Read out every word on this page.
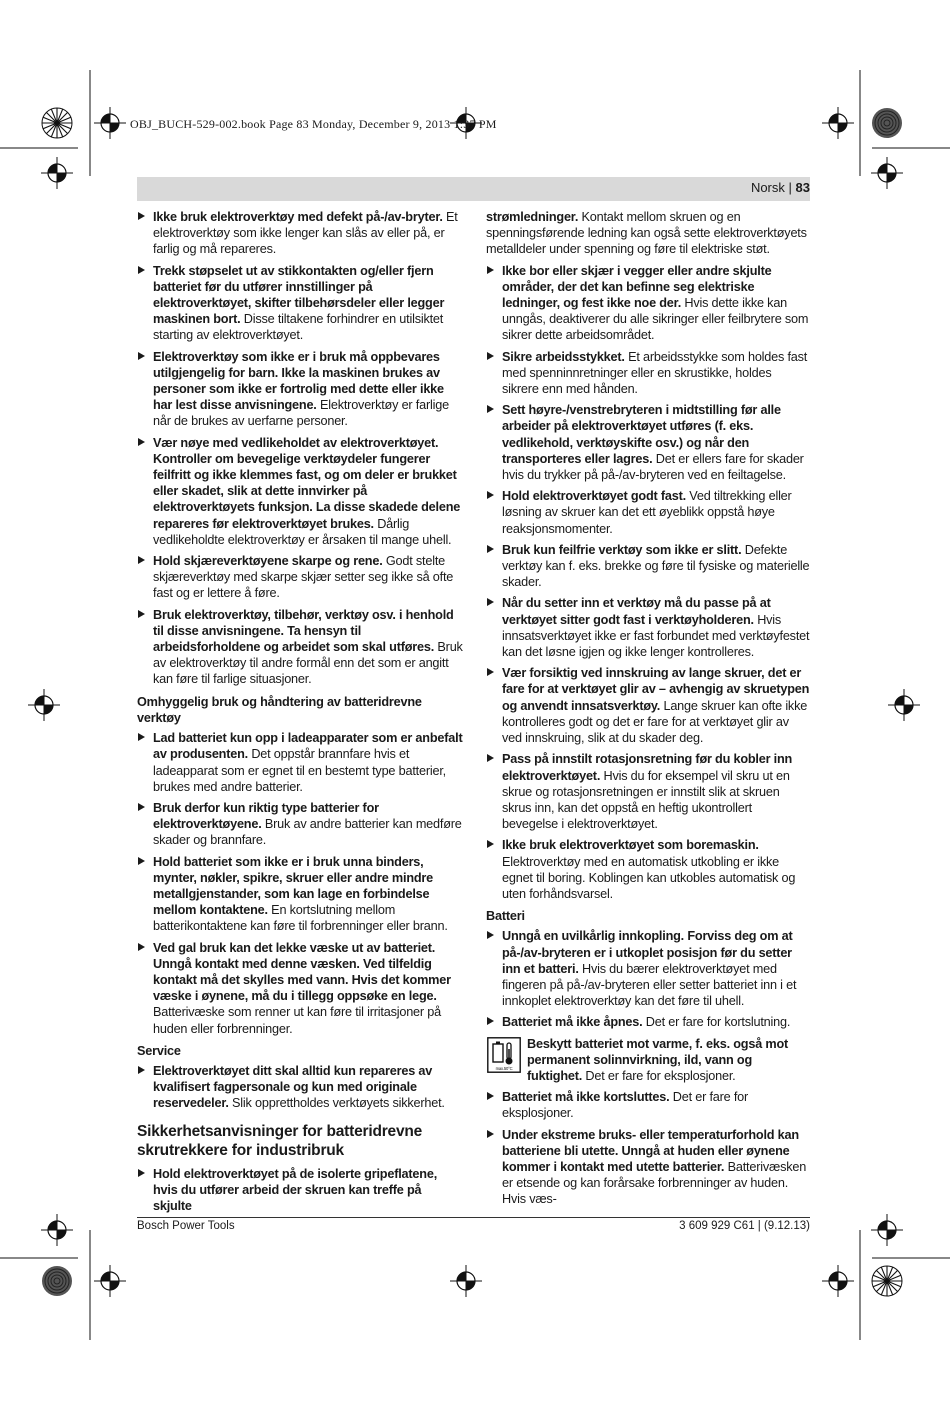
OBJ_BUCH-529-002.book Page 83 Monday, December 9, 2013 1:37 PM
Norsk | 83
Ikke bruk elektroverktøy med defekt på-/av-bryter. Et elektroverktøy som ikke lenger kan slås av eller på, er farlig og må repareres.
Trekk støpselet ut av stikkontakten og/eller fjern batteriet før du utfører innstillinger på elektroverktøyet, skifter tilbehørsdeler eller legger maskinen bort. Disse tiltakene forhindrer en utilsiktet starting av elektroverktøyet.
Elektroverktøy som ikke er i bruk må oppbevares utilgjengelig for barn. Ikke la maskinen brukes av personer som ikke er fortrolig med dette eller ikke har lest disse anvisningene. Elektroverktøy er farlige når de brukes av uerfarne personer.
Vær nøye med vedlikeholdet av elektroverktøyet. Kontroller om bevegelige verktøydeler fungerer feilfritt og ikke klemmes fast, og om deler er brukket eller skadet, slik at dette innvirker på elektroverktøyets funksjon. La disse skadede delene repareres før elektroverktøyet brukes. Dårlig vedlikeholdte elektroverktøy er årsaken til mange uhell.
Hold skjæreverktøyene skarpe og rene. Godt stelte skjæreverktøy med skarpe skjær setter seg ikke så ofte fast og er lettere å føre.
Bruk elektroverktøy, tilbehør, verktøy osv. i henhold til disse anvisningene. Ta hensyn til arbeidsforholdene og arbeidet som skal utføres. Bruk av elektroverktøy til andre formål enn det som er angitt kan føre til farlige situasjoner.
Omhyggelig bruk og håndtering av batteridrevne verktøy
Lad batteriet kun opp i ladeapparater som er anbefalt av produsenten. Det oppstår brannfare hvis et ladeapparat som er egnet til en bestemt type batterier, brukes med andre batterier.
Bruk derfor kun riktig type batterier for elektroverktøyene. Bruk av andre batterier kan medføre skader og brannfare.
Hold batteriet som ikke er i bruk unna binders, mynter, nøkler, spikre, skruer eller andre mindre metallgjenstander, som kan lage en forbindelse mellom kontaktene. En kortslutning mellom batterikontaktene kan føre til forbrenninger eller brann.
Ved gal bruk kan det lekke væske ut av batteriet. Unngå kontakt med denne væsken. Ved tilfeldig kontakt må det skylles med vann. Hvis det kommer væske i øynene, må du i tillegg oppsøke en lege. Batterivæske som renner ut kan føre til irritasjoner på huden eller forbrenninger.
Service
Elektroverktøyet ditt skal alltid kun repareres av kvalifisert fagpersonale og kun med originale reservedeler. Slik opprettholdes verktøyets sikkerhet.
Sikkerhetsanvisninger for batteridrevne skrutrekkere for industribruk
Hold elektroverktøyet på de isolerte gripeflatene, hvis du utfører arbeid der skruen kan treffe på skjulte
strømledninger. Kontakt mellom skruen og en spenningsførende ledning kan også sette elektroverktøyets metalldeler under spenning og føre til elektriske støt.
Ikke bor eller skjær i vegger eller andre skjulte områder, der det kan befinne seg elektriske ledninger, og fest ikke noe der. Hvis dette ikke kan unngås, deaktiverer du alle sikringer eller feilbrytere som sikrer dette arbeidsområdet.
Sikre arbeidsstykket. Et arbeidsstykke som holdes fast med spenninnretninger eller en skrustikke, holdes sikrere enn med hånden.
Sett høyre-/venstrebryteren i midtstilling før alle arbeider på elektroverktøyet utføres (f. eks. vedlikehold, verktøyskifte osv.) og når den transporteres eller lagres. Det er ellers fare for skader hvis du trykker på på-/av-bryteren ved en feiltagelse.
Hold elektroverktøyet godt fast. Ved tiltrekking eller løsning av skruer kan det ett øyeblikk oppstå høye reaksjonsmomenter.
Bruk kun feilfrie verktøy som ikke er slitt. Defekte verktøy kan f. eks. brekke og føre til fysiske og materielle skader.
Når du setter inn et verktøy må du passe på at verktøyet sitter godt fast i verktøyholderen. Hvis innsatsverktøyet ikke er fast forbundet med verktøyfestet kan det løsne igjen og ikke lenger kontrolleres.
Vær forsiktig ved innskruing av lange skruer, det er fare for at verktøyet glir av – avhengig av skruetypen og anvendt innsatsverktøy. Lange skruer kan ofte ikke kontrolleres godt og det er fare for at verktøyet glir av ved innskruing, slik at du skader deg.
Pass på innstilt rotasjonsretning før du kobler inn elektroverktøyet. Hvis du for eksempel vil skru ut en skrue og rotasjonsretningen er innstilt slik at skruen skrus inn, kan det oppstå en heftig ukontrollert bevegelse i elektroverktøyet.
Ikke bruk elektroverktøyet som boremaskin. Elektroverktøy med en automatisk utkobling er ikke egnet til boring. Koblingen kan utkobles automatisk og uten forhåndsvarsel.
Batteri
Unngå en uvilkårlig innkopling. Forviss deg om at på-/av-bryteren er i utkoplet posisjon før du setter inn et batteri. Hvis du bærer elektroverktøyet med fingeren på på-/av-bryteren eller setter batteriet inn i et innkoplet elektroverktøy kan det føre til uhell.
Batteriet må ikke åpnes. Det er fare for kortslutning.
max.50°C
Beskytt batteriet mot varme, f. eks. også mot permanent solinnvirkning, ild, vann og fuktighet. Det er fare for eksplosjoner.
Batteriet må ikke kortsluttes. Det er fare for eksplosjoner.
Under ekstreme bruks- eller temperaturforhold kan batteriene bli utette. Unngå at huden eller øynene kommer i kontakt med utette batterier. Batterivæsken er etsende og kan forårsake forbrenninger av huden. Hvis væs-
Bosch Power Tools	3 609 929 C61 | (9.12.13)
